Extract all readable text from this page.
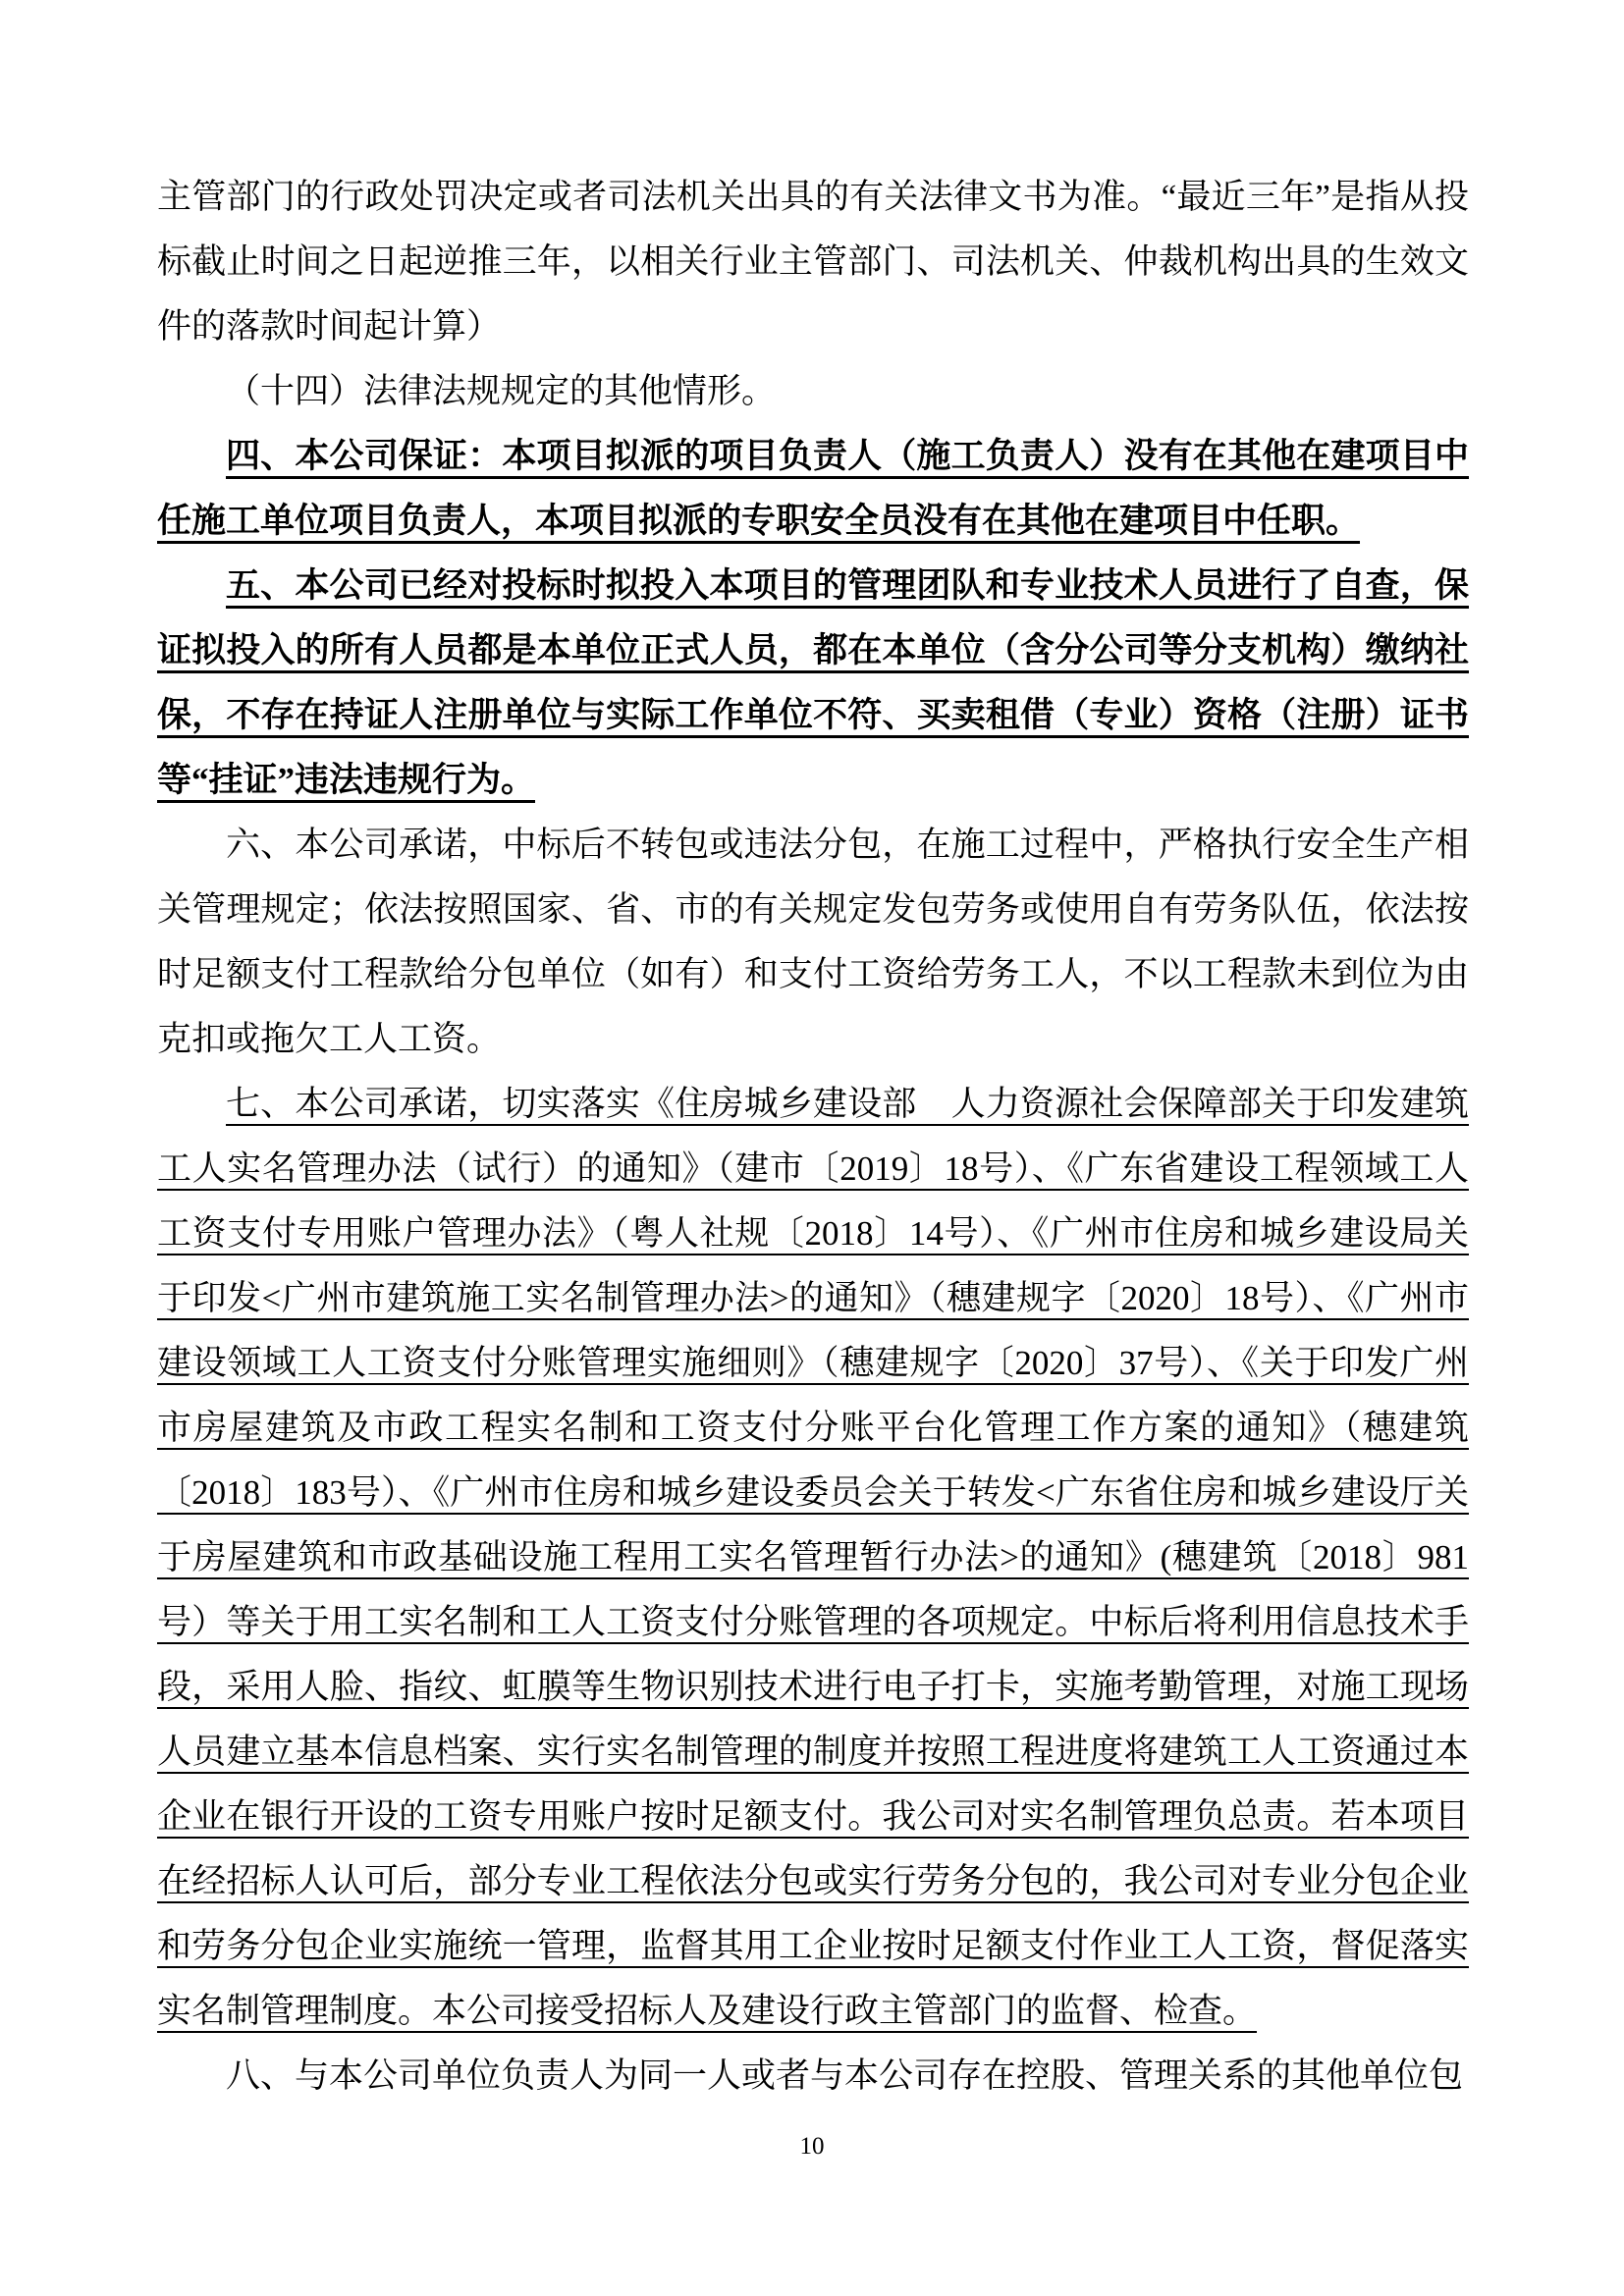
主管部门的行政处罚决定或者司法机关出具的有关法律文书为准。“最近三年”是指从投标截止时间之日起逆推三年，以相关行业主管部门、司法机关、仲裁机构出具的生效文件的落款时间起计算）

（十四）法律法规规定的其他情形。

四、本公司保证：本项目拟派的项目负责人（施工负责人）没有在其他在建项目中任施工单位项目负责人，本项目拟派的专职安全员没有在其他在建项目中任职。

五、本公司已经对投标时拟投入本项目的管理团队和专业技术人员进行了自查，保证拟投入的所有人员都是本单位正式人员，都在本单位（含分公司等分支机构）缴纳社保，不存在持证人注册单位与实际工作单位不符、买卖租借（专业）资格（注册）证书等“挂证”违法违规行为。

六、本公司承诺，中标后不转包或违法分包，在施工过程中，严格执行安全生产相关管理规定；依法按照国家、省、市的有关规定发包劳务或使用自有劳务队伍，依法按时足额支付工程款给分包单位（如有）和支付工资给劳务工人，不以工程款未到位为由克扣或拖欠工人工资。

七、本公司承诺，切实落实《住房城乡建设部　人力资源社会保障部关于印发建筑工人实名管理办法（试行）的通知》（建市〔2019〕18号）、《广东省建设工程领域工人工资支付专用账户管理办法》（粤人社规〔2018〕14号）、《广州市住房和城乡建设局关于印发<广州市建筑施工实名制管理办法>的通知》（穗建规字〔2020〕18号）、《广州市建设领域工人工资支付分账管理实施细则》（穗建规字〔2020〕37号）、《关于印发广州市房屋建筑及市政工程实名制和工资支付分账平台化管理工作方案的通知》（穗建筑〔2018〕183号）、《广州市住房和城乡建设委员会关于转发<广东省住房和城乡建设厅关于房屋建筑和市政基础设施工程用工实名管理暂行办法>的通知》(穗建筑〔2018〕981号）等关于用工实名制和工人工资支付分账管理的各项规定。中标后将利用信息技术手段，采用人脸、指纹、虹膜等生物识别技术进行电子打卡，实施考勤管理，对施工现场人员建立基本信息档案、实行实名制管理的制度并按照工程进度将建筑工人工资通过本企业在银行开设的工资专用账户按时足额支付。我公司对实名制管理负总责。若本项目在经招标人认可后，部分专业工程依法分包或实行劳务分包的，我公司对专业分包企业和劳务分包企业实施统一管理，监督其用工企业按时足额支付作业工人工资，督促落实实名制管理制度。本公司接受招标人及建设行政主管部门的监督、检查。

八、与本公司单位负责人为同一人或者与本公司存在控股、管理关系的其他单位包

10
